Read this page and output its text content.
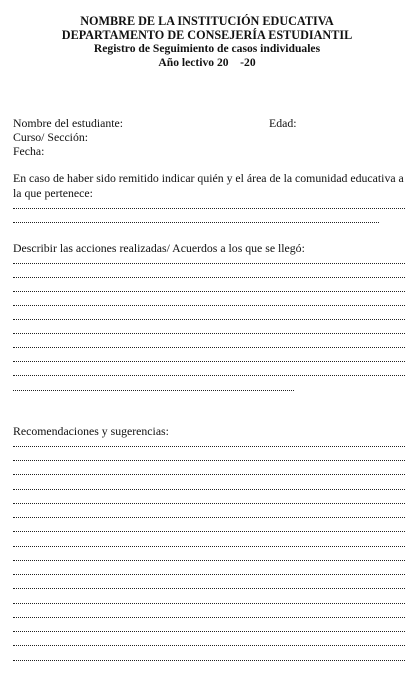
NOMBRE DE LA INSTITUCIÓN EDUCATIVA
DEPARTAMENTO DE CONSEJERÍA ESTUDIANTIL
Registro de Seguimiento de casos individuales
Año lectivo 20    -20
Nombre del estudiante:	Edad:
Curso/ Sección:
Fecha:
En caso de haber sido remitido indicar quién y el área de la comunidad educativa a la que pertenece:
Describir las acciones realizadas/ Acuerdos a los que se llegó:
Recomendaciones y sugerencias:
